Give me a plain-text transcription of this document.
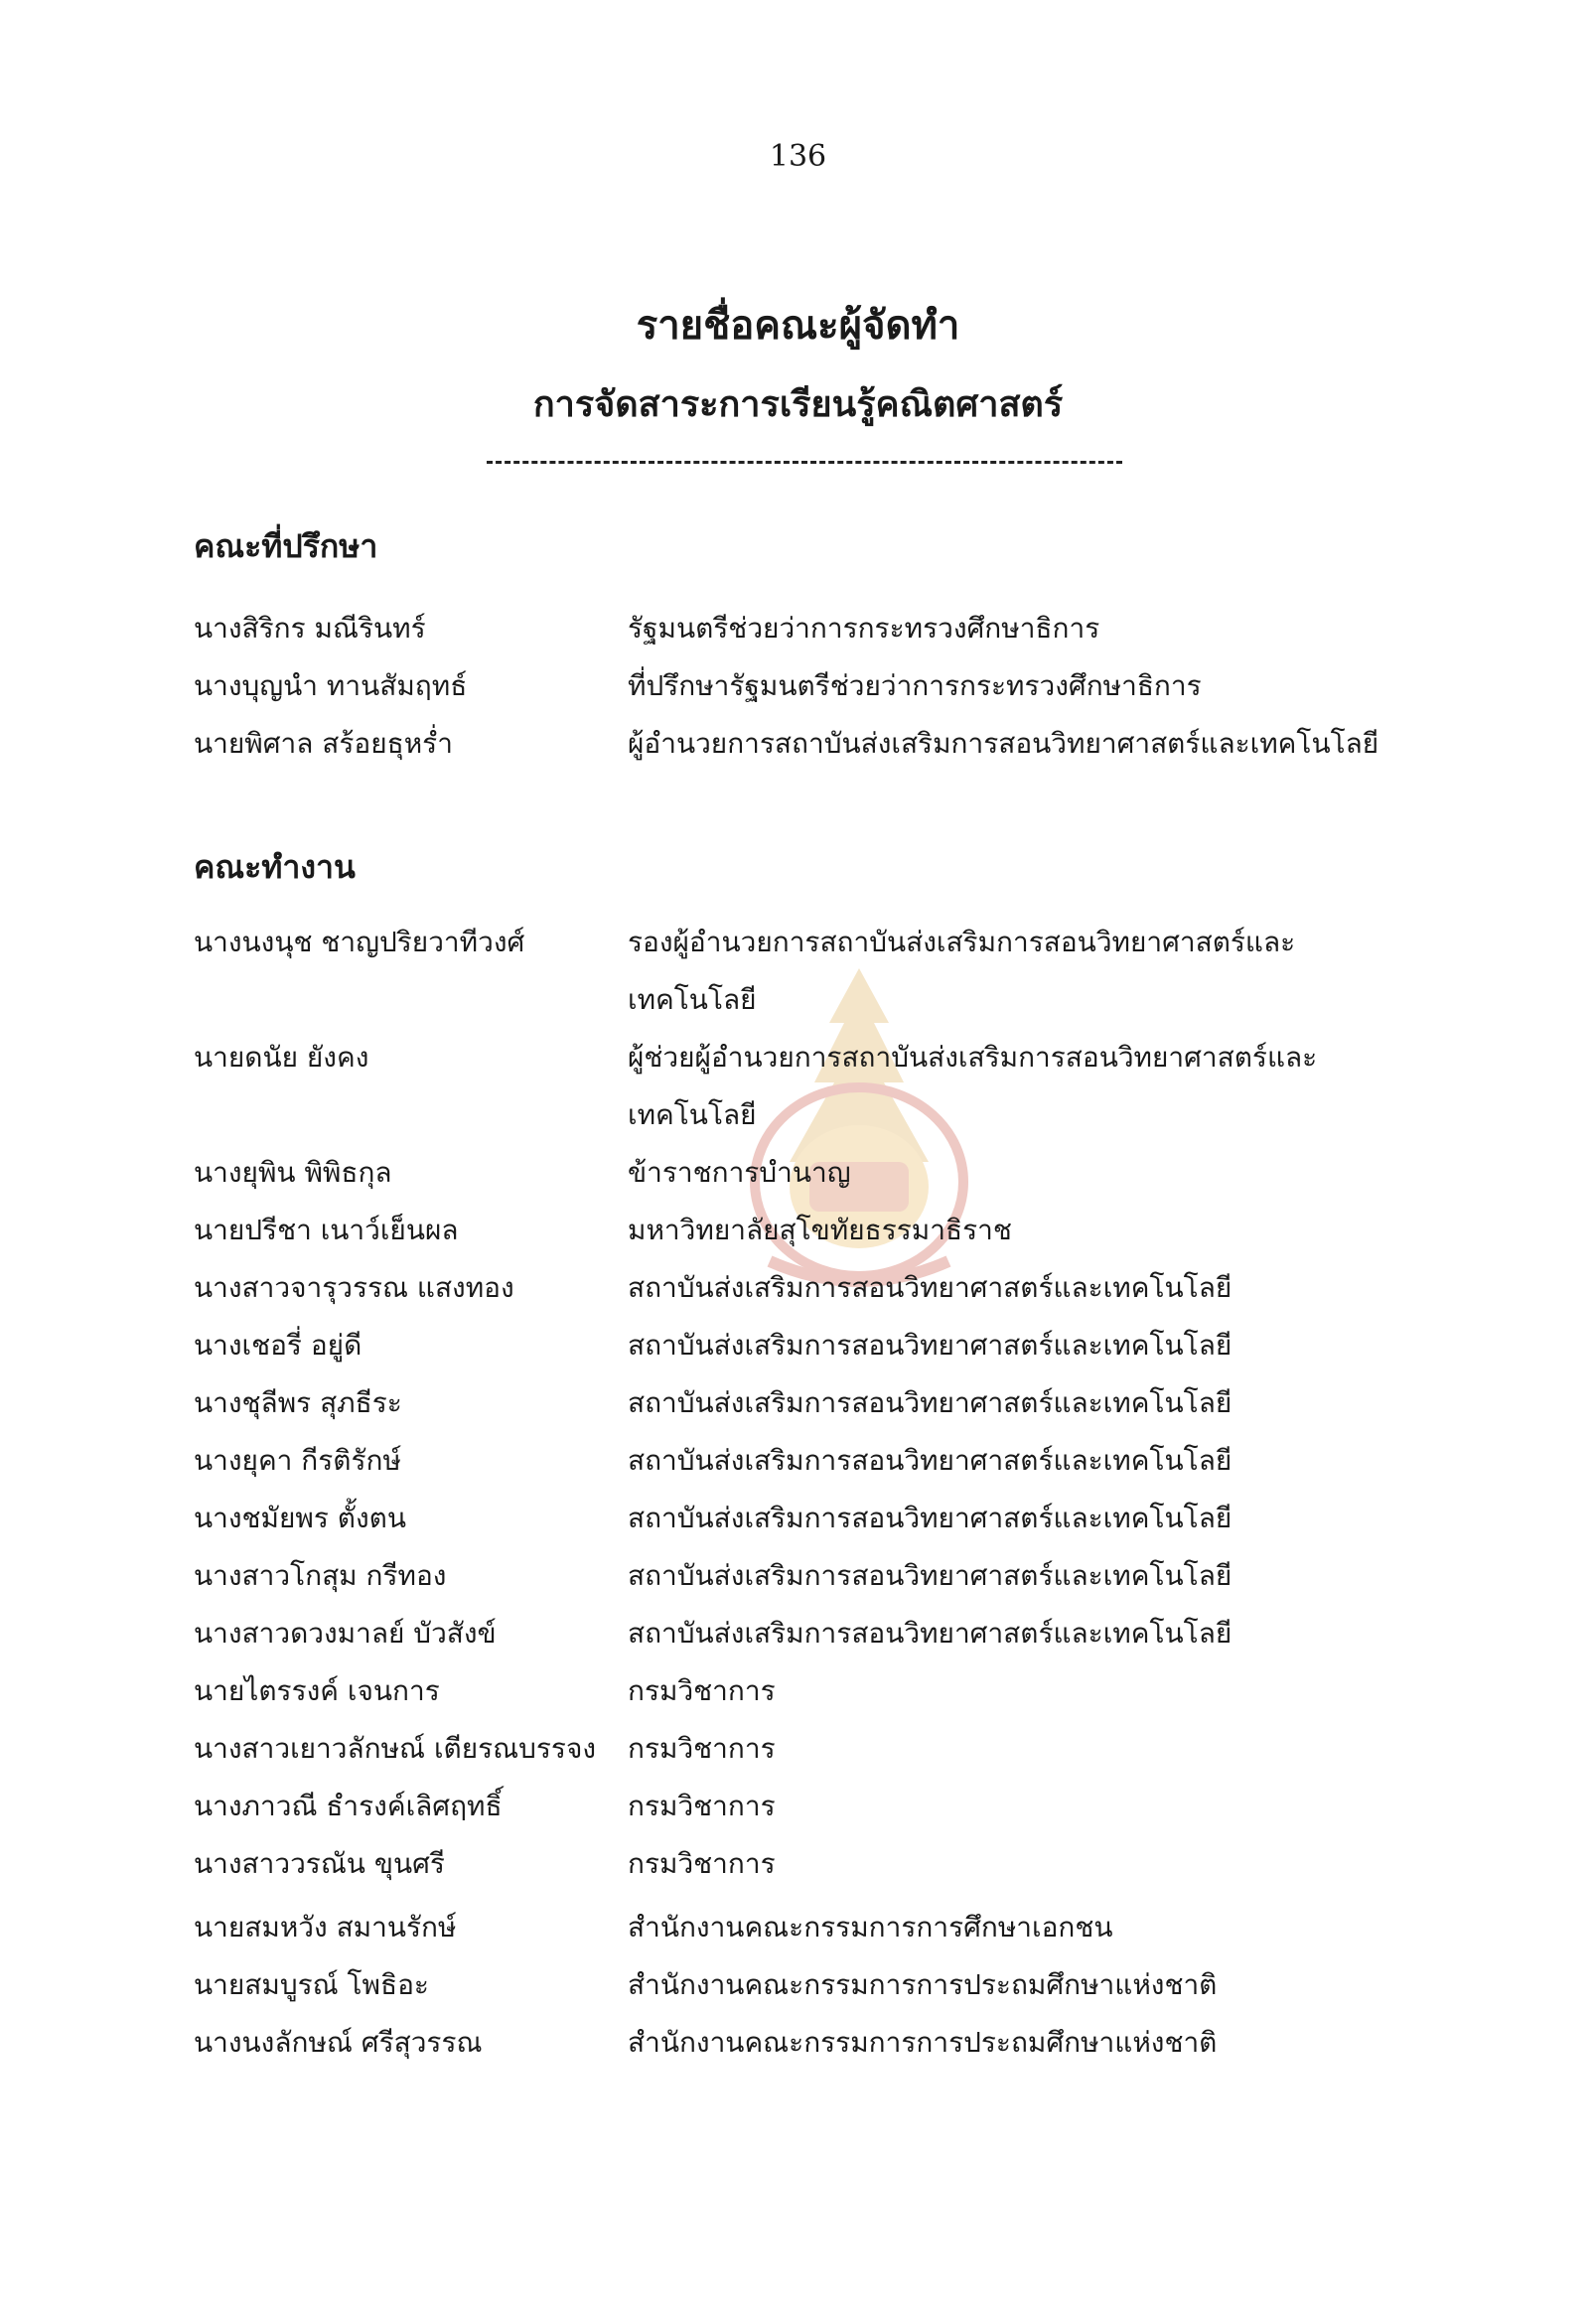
136
รายชื่อคณะผู้จัดทำ
การจัดสาระการเรียนรู้คณิตศาสตร์
คณะที่ปรึกษา
นางสิริกร มณีรินทร์	รัฐมนตรีช่วยว่าการกระทรวงศึกษาธิการ
นางบุญนำ ทานสัมฤทธ์	ที่ปรึกษารัฐมนตรีช่วยว่าการกระทรวงศึกษาธิการ
นายพิศาล สร้อยธุหร่ำ	ผู้อำนวยการสถาบันส่งเสริมการสอนวิทยาศาสตร์และเทคโนโลยี
คณะทำงาน
นางนงนุช ชาญปริยวาทีวงศ์	รองผู้อำนวยการสถาบันส่งเสริมการสอนวิทยาศาสตร์และ
เทคโนโลยี
นายดนัย ยังคง	ผู้ช่วยผู้อำนวยการสถาบันส่งเสริมการสอนวิทยาศาสตร์และ
เทคโนโลยี
นางยุพิน พิพิธกุล	ข้าราชการบำนาญ
นายปรีชา เนาว์เย็นผล	มหาวิทยาลัยสุโขทัยธรรมาธิราช
นางสาวจารุวรรณ แสงทอง	สถาบันส่งเสริมการสอนวิทยาศาสตร์และเทคโนโลยี
นางเชอรี่ อยู่ดี	สถาบันส่งเสริมการสอนวิทยาศาสตร์และเทคโนโลยี
นางชุลีพร สุภธีระ	สถาบันส่งเสริมการสอนวิทยาศาสตร์และเทคโนโลยี
นางยุคา กีรติรักษ์	สถาบันส่งเสริมการสอนวิทยาศาสตร์และเทคโนโลยี
นางชมัยพร ตั้งตน	สถาบันส่งเสริมการสอนวิทยาศาสตร์และเทคโนโลยี
นางสาวโกสุม กรีทอง	สถาบันส่งเสริมการสอนวิทยาศาสตร์และเทคโนโลยี
นางสาวดวงมาลย์ บัวสังข์	สถาบันส่งเสริมการสอนวิทยาศาสตร์และเทคโนโลยี
นายไตรรงค์ เจนการ	กรมวิชาการ
นางสาวเยาวลักษณ์ เตียรณบรรจง กรมวิชาการ
นางภาวณี ธำรงค์เลิศฤทธิ์	กรมวิชาการ
นางสาววรณัน ขุนศรี	กรมวิชาการ
นายสมหวัง สมานรักษ์	สำนักงานคณะกรรมการการศึกษาเอกชน
นายสมบูรณ์ โพธิอะ	สำนักงานคณะกรรมการการประถมศึกษาแห่งชาติ
นางนงลักษณ์ ศรีสุวรรณ	สำนักงานคณะกรรมการการประถมศึกษาแห่งชาติ
